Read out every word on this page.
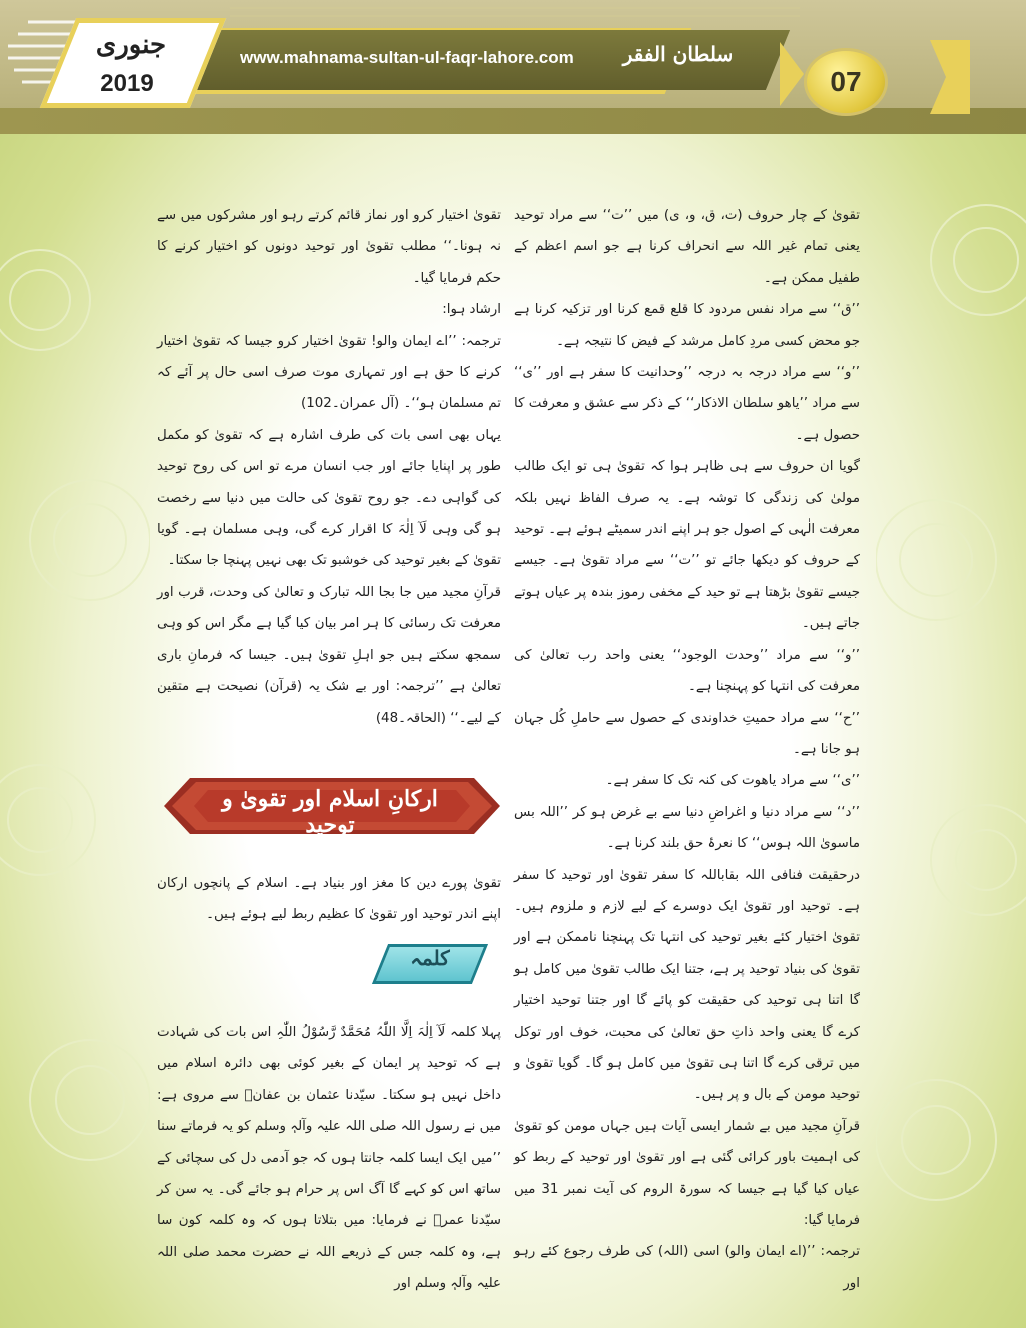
جنوری
2019
www.mahnama-sultan-ul-faqr-lahore.com	سلطان الفقر
07

تقویٰ کے چار حروف (ت، ق، و، ی) میں ’’ت‘‘ سے مراد توحید یعنی تمام غیر اللہ سے انحراف کرنا ہے جو اسم اعظم کے طفیل ممکن ہے۔

’’ق‘‘ سے مراد نفس مردود کا قلع قمع کرنا اور تزکیہ کرنا ہے جو محض کسی مردِ کامل مرشد کے فیض کا نتیجہ ہے۔

’’و‘‘ سے مراد درجہ بہ درجہ ’’وحدانیت کا سفر ہے اور ’’ی‘‘ سے مراد ’’یاھو سلطان الاذکار‘‘ کے ذکر سے عشق و معرفت کا حصول ہے۔

گویا ان حروف سے ہی ظاہر ہوا کہ تقویٰ ہی تو ایک طالب مولیٰ کی زندگی کا توشہ ہے۔ یہ صرف الفاظ نہیں بلکہ معرفت الٰہی کے اصول جو ہر اپنے اندر سمیٹے ہوئے ہے۔ توحید کے حروف کو دیکھا جائے تو ’’ت‘‘ سے مراد تقویٰ ہے۔ جیسے جیسے تقویٰ بڑھتا ہے تو حید کے مخفی رموز بندہ پر عیاں ہوتے جاتے ہیں۔

’’و‘‘ سے مراد ’’وحدت الوجود‘‘ یعنی واحد رب تعالیٰ کی معرفت کی انتہا کو پہنچنا ہے۔

’’ح‘‘ سے مراد حمیتِ خداوندی کے حصول سے حاملِ کُل جہان ہو جانا ہے۔

’’ی‘‘ سے مراد یاھوت کی کنہ تک کا سفر ہے۔

’’د‘‘ سے مراد دنیا و اغراضِ دنیا سے بے غرض ہو کر ’’اللہ بس ماسویٰ اللہ ہوس‘‘ کا نعرۂ حق بلند کرنا ہے۔

درحقیقت فنافی اللہ بقاباللہ کا سفر تقویٰ اور توحید کا سفر ہے۔ توحید اور تقویٰ ایک دوسرے کے لیے لازم و ملزوم ہیں۔ تقویٰ اختیار کئے بغیر توحید کی انتہا تک پہنچنا ناممکن ہے اور تقویٰ کی بنیاد توحید پر ہے، جتنا ایک طالب تقویٰ میں کامل ہو گا اتنا ہی توحید کی حقیقت کو پائے گا اور جتنا توحید اختیار کرے گا یعنی واحد ذاتِ حق تعالیٰ کی محبت، خوف اور توکل میں ترقی کرے گا اتنا ہی تقویٰ میں کامل ہو گا۔ گویا تقویٰ و توحید مومن کے بال و پر ہیں۔

قرآنِ مجید میں بے شمار ایسی آیات ہیں جہاں مومن کو تقویٰ کی اہمیت باور کرائی گئی ہے اور تقویٰ اور توحید کے ربط کو عیاں کیا گیا ہے جیسا کہ سورۃ الروم کی آیت نمبر 31 میں فرمایا گیا:

ترجمہ: ’’(اے ایمان والو) اسی (اللہ) کی طرف رجوع کئے رہو اور

تقویٰ اختیار کرو اور نماز قائم کرتے رہو اور مشرکوں میں سے نہ ہونا۔‘‘ مطلب تقویٰ اور توحید دونوں کو اختیار کرنے کا حکم فرمایا گیا۔

ارشاد ہوا:

ترجمہ: ’’اے ایمان والو! تقویٰ اختیار کرو جیسا کہ تقویٰ اختیار کرنے کا حق ہے اور تمہاری موت صرف اسی حال پر آئے کہ تم مسلمان ہو‘‘۔ (آل عمران۔102)

یہاں بھی اسی بات کی طرف اشارہ ہے کہ تقویٰ کو مکمل طور پر اپنایا جائے اور جب انسان مرے تو اس کی روح توحید کی گواہی دے۔ جو روح تقویٰ کی حالت میں دنیا سے رخصت ہو گی وہی لَآ اِلٰہَ کا اقرار کرے گی، وہی مسلمان ہے۔ گویا تقویٰ کے بغیر توحید کی خوشبو تک بھی نہیں پہنچا جا سکتا۔

قرآنِ مجید میں جا بجا اللہ تبارک و تعالیٰ کی وحدت، قرب اور معرفت تک رسائی کا ہر امر بیان کیا گیا ہے مگر اس کو وہی سمجھ سکتے ہیں جو اہلِ تقویٰ ہیں۔ جیسا کہ فرمانِ باری تعالیٰ ہے ’’ترجمہ: اور بے شک یہ (قرآن) نصیحت ہے متقین کے لیے۔‘‘ (الحاقہ۔48)

ارکانِ اسلام اور تقویٰ و توحید

تقویٰ پورے دین کا مغز اور بنیاد ہے۔ اسلام کے پانچوں ارکان اپنے اندر توحید اور تقویٰ کا عظیم ربط لیے ہوئے ہیں۔

کلمہ

پہلا کلمہ لَآ اِلٰہَ اِلَّا اللّٰہُ مُحَمَّدٌ رَّسُوْلُ اللّٰہِ اس بات کی شہادت ہے کہ توحید پر ایمان کے بغیر کوئی بھی دائرہ اسلام میں داخل نہیں ہو سکتا۔ سیّدنا عثمان بن عفانؓ سے مروی ہے: میں نے رسول اللہ صلی اللہ علیہ وآلہٖ وسلم کو یہ فرماتے سنا ’’میں ایک ایسا کلمہ جانتا ہوں کہ جو آدمی دل کی سچائی کے ساتھ اس کو کہے گا آگ اس پر حرام ہو جائے گی۔ یہ سن کر سیّدنا عمرؓ نے فرمایا: میں بتلاتا ہوں کہ وہ کلمہ کون سا ہے، وہ کلمہ جس کے ذریعے اللہ نے حضرت محمد صلی اللہ علیہ وآلہٖ وسلم اور
